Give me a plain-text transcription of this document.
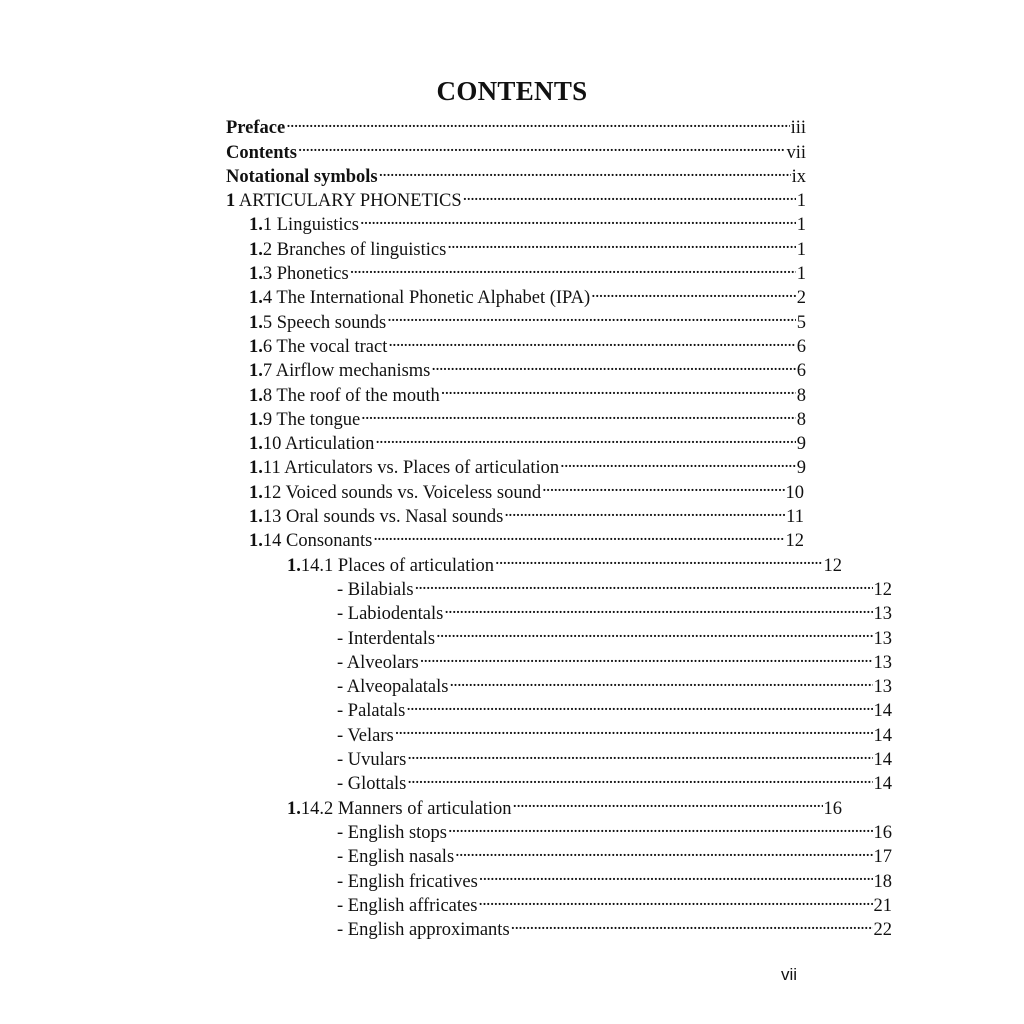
CONTENTS
Preface . . .	iii
Contents . . .	vii
Notational symbols . . .	ix
1 ARTICULARY PHONETICS . . .	1
1.1 Linguistics . . .	1
1.2 Branches of linguistics . . .	1
1.3 Phonetics . . .	1
1.4 The International Phonetic Alphabet (IPA) . . .	2
1.5 Speech sounds . . .	5
1.6 The vocal tract . . .	6
1.7 Airflow mechanisms . . .	6
1.8 The roof of the mouth . . .	8
1.9 The tongue . . .	8
1.10 Articulation . . .	9
1.11 Articulators vs. Places of articulation . . .	9
1.12 Voiced sounds vs. Voiceless sound . . .	10
1.13 Oral sounds vs. Nasal sounds . . .	11
1.14 Consonants . . .	12
1.14.1 Places of articulation . . .	12
- Bilabials . . .	12
- Labiodentals . . .	13
- Interdentals . . .	13
- Alveolars . . .	13
- Alveopalatals . . .	13
- Palatals . . .	14
- Velars . . .	14
- Uvulars . . .	14
- Glottals . . .	14
1.14.2 Manners of articulation . . .	16
- English stops . . .	16
- English nasals . . .	17
- English fricatives . . .	18
- English affricates . . .	21
- English approximants . . .	22
vii
